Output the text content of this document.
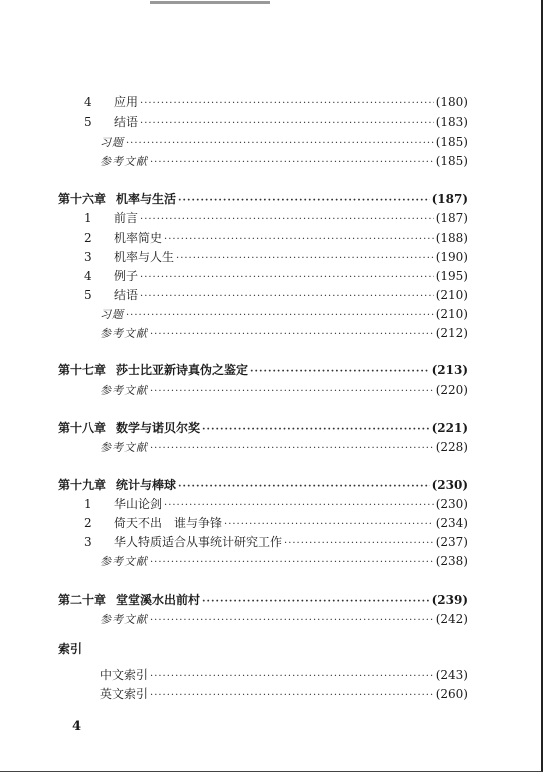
4	应用 ·····	(180)
5	结语 ·····	(183)
习题 ·····	(185)
参考文献 ·····	(185)
第十六章 机率与生活 ·····	(187)
1	前言 ·····	(187)
2	机率简史 ·····	(188)
3	机率与人生 ·····	(190)
4	例子 ·····	(195)
5	结语 ·····	(210)
习题 ·····	(210)
参考文献 ·····	(212)
第十七章 莎士比亚新诗真伪之鉴定 ·····	(213)
参考文献 ·····	(220)
第十八章 数学与诺贝尔奖 ·····	(221)
参考文献 ·····	(228)
第十九章 统计与棒球 ·····	(230)
1	华山论剑 ·····	(230)
2	倚天不出　谁与争锋 ·····	(234)
3	华人特质适合从事统计研究工作 ·····	(237)
参考文献 ·····	(238)
第二十章 堂堂溪水出前村 ·····	(239)
参考文献 ·····	(242)
索引
中文索引 ·····	(243)
英文索引 ·····	(260)
4
